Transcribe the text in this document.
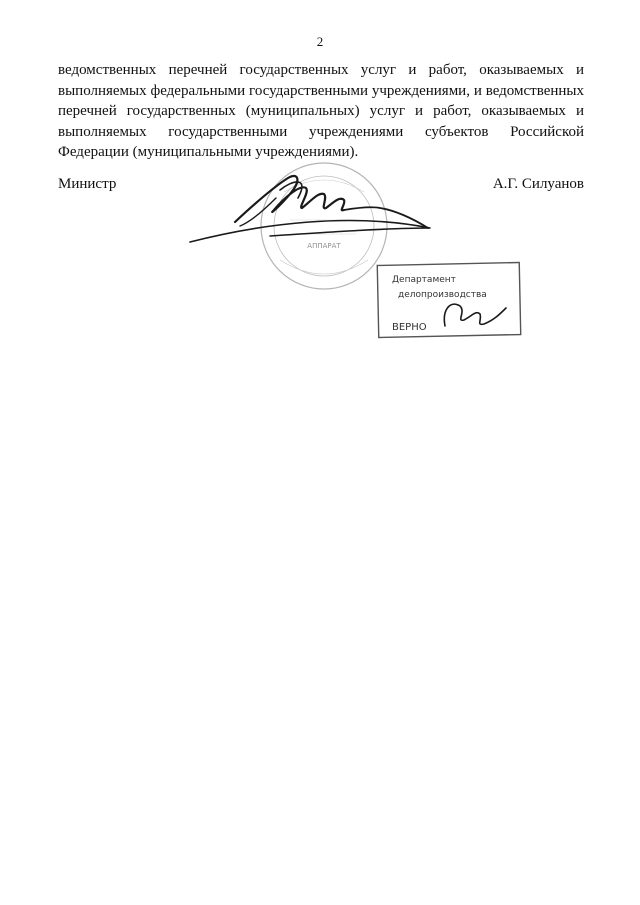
2
ведомственных перечней государственных услуг и работ, оказываемых и
выполняемых федеральными государственными учреждениями, и ведомственных
перечней государственных (муниципальных) услуг и работ, оказываемых и
выполняемых государственными учреждениями субъектов Российской
Федерации (муниципальными учреждениями).
Министр	А.Г. Силуанов
АППАРАТ
Департамент
делопроизводства
ВЕРНО
